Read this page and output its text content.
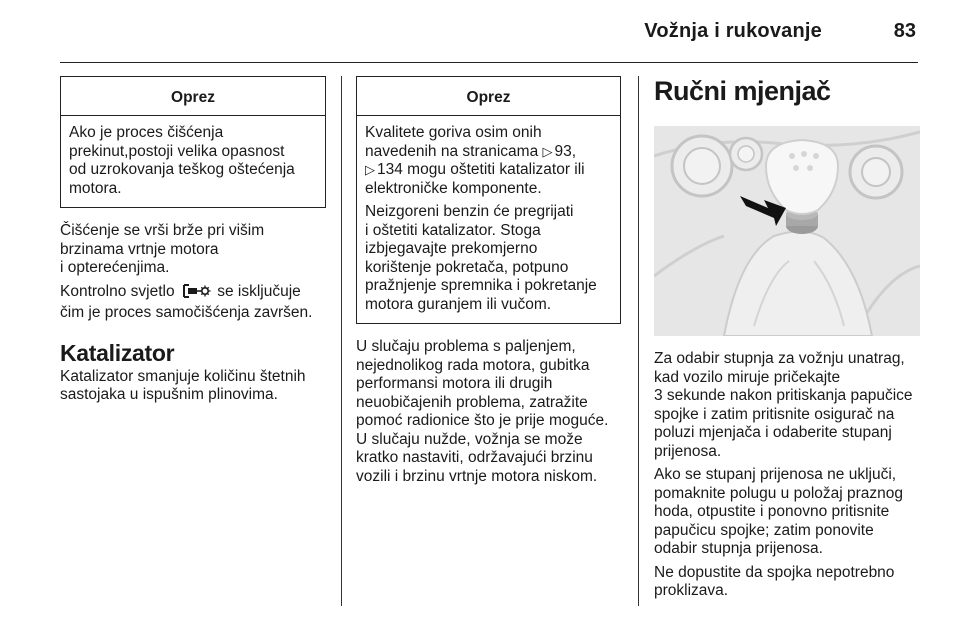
Vožnja i rukovanje	83
Oprez
Ako je proces čišćenja
prekinut,postoji velika opasnost
od uzrokovanja teškog oštećenja
motora.
Čišćenje se vrši brže pri višim
brzinama vrtnje motora
i opterećenjima.
Kontrolno svjetlo	se isključuje
čim je proces samočišćenja završen.
Katalizator
Katalizator smanjuje količinu štetnih
sastojaka u ispušnim plinovima.
Oprez
Kvalitete goriva osim onih
navedenih na stranicama ▷ 93,
▷ 134 mogu oštetiti katalizator ili
elektroničke komponente.
Neizgoreni benzin će pregrijati
i oštetiti katalizator. Stoga
izbjegavajte prekomjerno
korištenje pokretača, potpuno
pražnjenje spremnika i pokretanje
motora guranjem ili vučom.
U slučaju problema s paljenjem,
nejednolikog rada motora, gubitka
performansi motora ili drugih
neuobičajenih problema, zatražite
pomoć radionice što je prije moguće.
U slučaju nužde, vožnja se može
kratko nastaviti, održavajući brzinu
vozili i brzinu vrtnje motora niskom.
Ručni mjenjač
Za odabir stupnja za vožnju unatrag,
kad vozilo miruje pričekajte
3 sekunde nakon pritiskanja papučice
spojke i zatim pritisnite osigurač na
poluzi mjenjača i odaberite stupanj
prijenosa.
Ako se stupanj prijenosa ne uključi,
pomaknite polugu u položaj praznog
hoda, otpustite i ponovno pritisnite
papučicu spojke; zatim ponovite
odabir stupnja prijenosa.
Ne dopustite da spojka nepotrebno
proklizava.
